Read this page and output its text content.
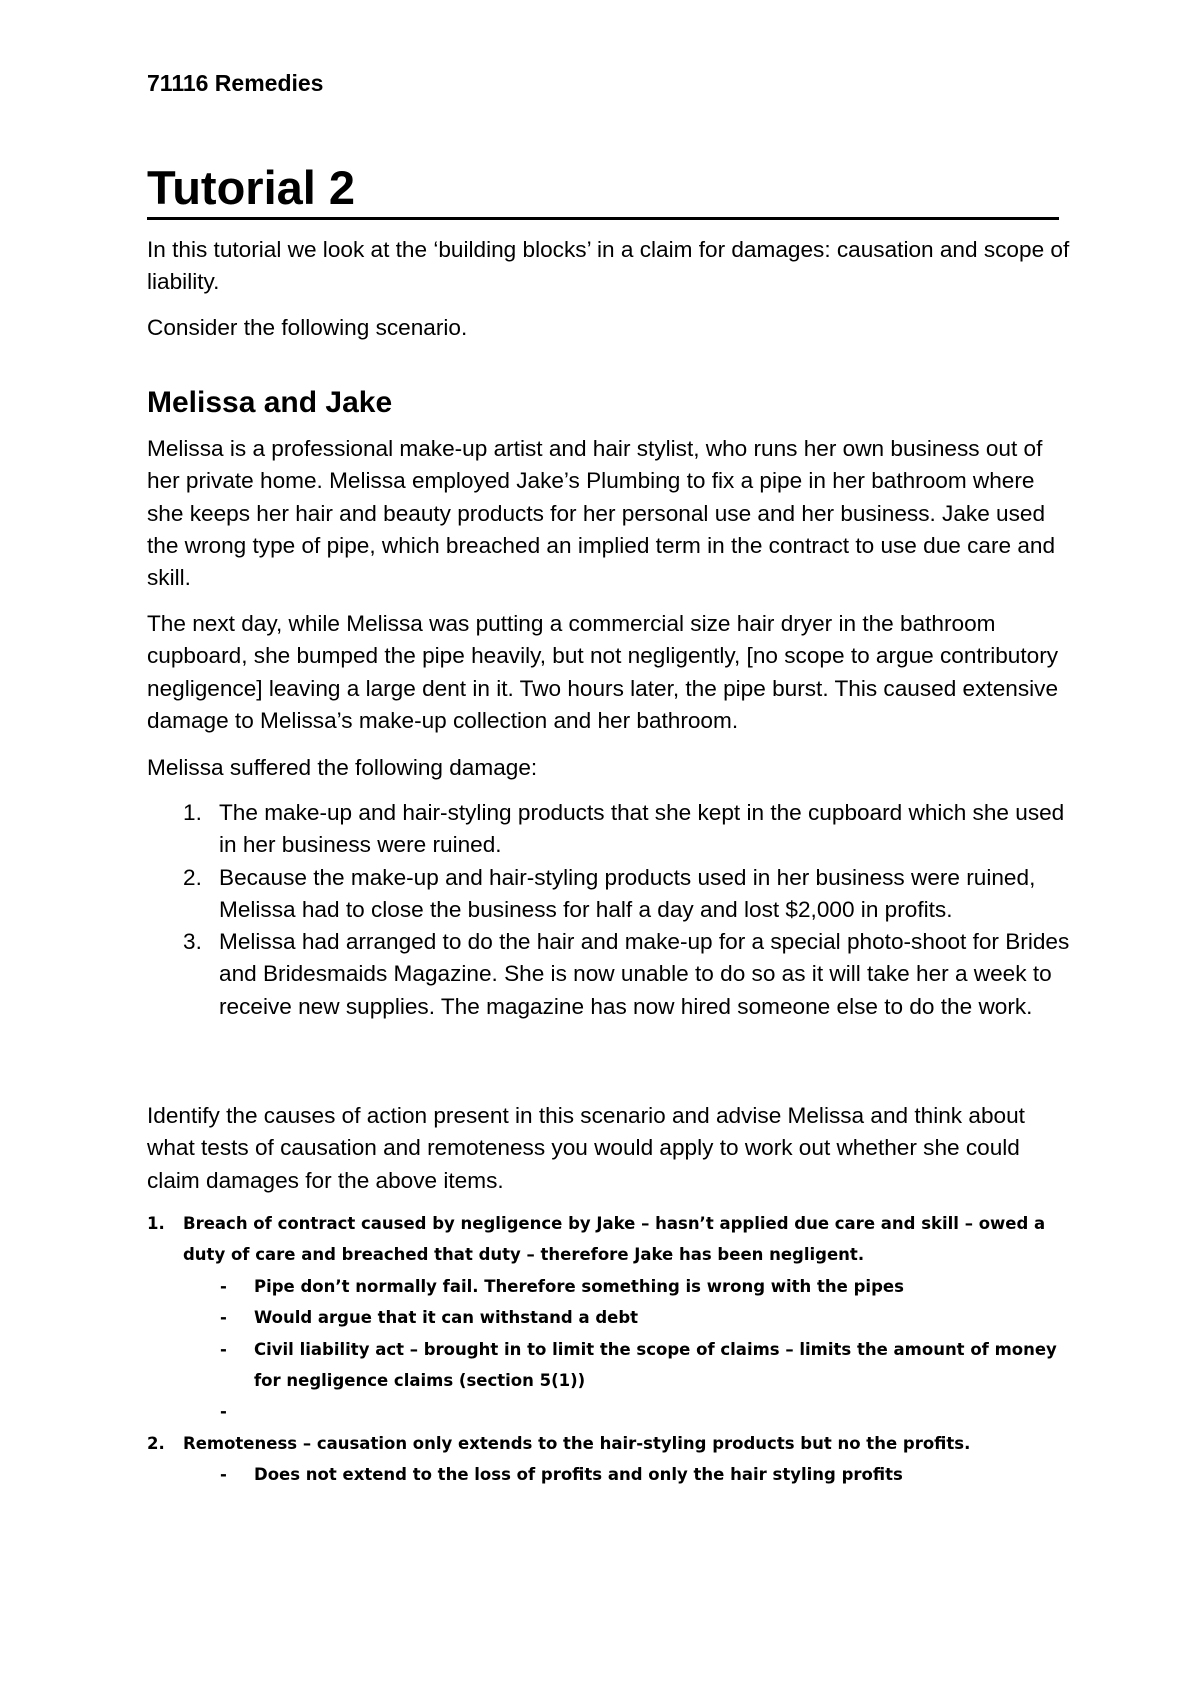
71116 Remedies
Tutorial 2

In this tutorial we look at the ‘building blocks’ in a claim for damages: causation and scope of liability.

Consider the following scenario.

Melissa and Jake

Melissa is a professional make-up artist and hair stylist, who runs her own business out of her private home. Melissa employed Jake’s Plumbing to fix a pipe in her bathroom where she keeps her hair and beauty products for her personal use and her business. Jake used the wrong type of pipe, which breached an implied term in the contract to use due care and skill.

The next day, while Melissa was putting a commercial size hair dryer in the bathroom cupboard, she bumped the pipe heavily, but not negligently, [no scope to argue contributory negligence] leaving a large dent in it. Two hours later, the pipe burst. This caused extensive damage to Melissa’s make-up collection and her bathroom.

Melissa suffered the following damage:

1. The make-up and hair-styling products that she kept in the cupboard which she used in her business were ruined.
2. Because the make-up and hair-styling products used in her business were ruined, Melissa had to close the business for half a day and lost $2,000 in profits.
3. Melissa had arranged to do the hair and make-up for a special photo-shoot for Brides and Bridesmaids Magazine. She is now unable to do so as it will take her a week to receive new supplies. The magazine has now hired someone else to do the work.

Identify the causes of action present in this scenario and advise Melissa and think about what tests of causation and remoteness you would apply to work out whether she could claim damages for the above items.

1. Breach of contract caused by negligence by Jake – hasn’t applied due care and skill – owed a duty of care and breached that duty – therefore Jake has been negligent.
- Pipe don’t normally fail. Therefore something is wrong with the pipes
- Would argue that it can withstand a debt
- Civil liability act – brought in to limit the scope of claims – limits the amount of money for negligence claims (section 5(1))
-
2. Remoteness – causation only extends to the hair-styling products but no the profits.
- Does not extend to the loss of profits and only the hair styling profits
